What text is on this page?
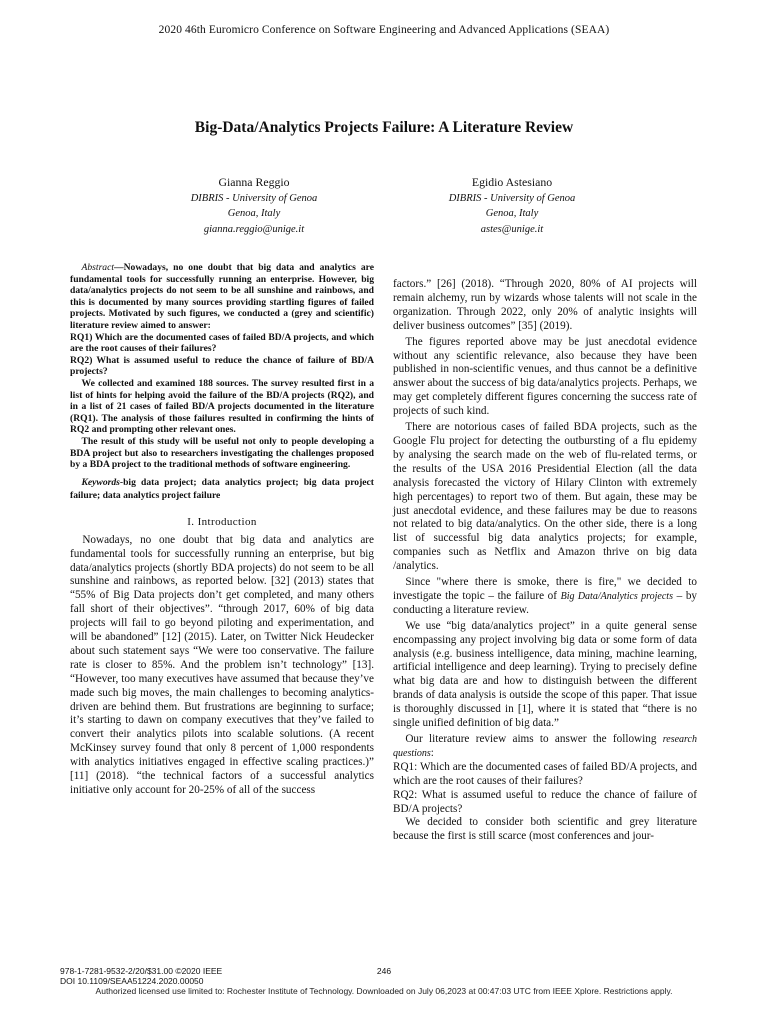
2020 46th Euromicro Conference on Software Engineering and Advanced Applications (SEAA)
Big-Data/Analytics Projects Failure: A Literature Review
Gianna Reggio
DIBRIS - University of Genoa
Genoa, Italy
gianna.reggio@unige.it
Egidio Astesiano
DIBRIS - University of Genoa
Genoa, Italy
astes@unige.it

Abstract—Nowadays, no one doubt that big data and analytics are fundamental tools for successfully running an enterprise. However, big data/analytics projects do not seem to be all sunshine and rainbows, and this is documented by many sources providing startling figures of failed projects. Motivated by such figures, we conducted a (grey and scientific) literature review aimed to answer:

RQ1) Which are the documented cases of failed BD/A projects, and which are the root causes of their failures?

RQ2) What is assumed useful to reduce the chance of failure of BD/A projects?

We collected and examined 188 sources. The survey resulted first in a list of hints for helping avoid the failure of the BD/A projects (RQ2), and in a list of 21 cases of failed BD/A projects documented in the literature (RQ1). The analysis of those failures resulted in confirming the hints of RQ2 and prompting other relevant ones.

The result of this study will be useful not only to people developing a BDA project but also to researchers investigating the challenges proposed by a BDA project to the traditional methods of software engineering.

Keywords-big data project; data analytics project; big data project failure; data analytics project failure

I. Introduction

Nowadays, no one doubt that big data and analytics are fundamental tools for successfully running an enterprise, but big data/analytics projects (shortly BDA projects) do not seem to be all sunshine and rainbows, as reported below. [32] (2013) states that “55% of Big Data projects don’t get completed, and many others fall short of their objectives”. “through 2017, 60% of big data projects will fail to go beyond piloting and experimentation, and will be abandoned” [12] (2015). Later, on Twitter Nick Heudecker about such statement says “We were too conservative. The failure rate is closer to 85%. And the problem isn’t technology” [13]. “However, too many executives have assumed that because they’ve made such big moves, the main challenges to becoming analytics-driven are behind them. But frustrations are beginning to surface; it’s starting to dawn on company executives that they’ve failed to convert their analytics pilots into scalable solutions. (A recent McKinsey survey found that only 8 percent of 1,000 respondents with analytics initiatives engaged in effective scaling practices.)” [11] (2018). “the technical factors of a successful analytics initiative only account for 20-25% of all of the success

factors.” [26] (2018). “Through 2020, 80% of AI projects will remain alchemy, run by wizards whose talents will not scale in the organization. Through 2022, only 20% of analytic insights will deliver business outcomes” [35] (2019).

The figures reported above may be just anecdotal evidence without any scientific relevance, also because they have been published in non-scientific venues, and thus cannot be a definitive answer about the success of big data/analytics projects. Perhaps, we may get completely different figures concerning the success rate of projects of such kind.

There are notorious cases of failed BDA projects, such as the Google Flu project for detecting the outbursting of a flu epidemy by analysing the search made on the web of flu-related terms, or the results of the USA 2016 Presidential Election (all the data analysis forecasted the victory of Hilary Clinton with extremely high percentages) to report two of them. But again, these may be just anecdotal evidence, and these failures may be due to reasons not related to big data/analytics. On the other side, there is a long list of successful big data analytics projects; for example, companies such as Netflix and Amazon thrive on big data /analytics.

Since "where there is smoke, there is fire," we decided to investigate the topic – the failure of Big Data/Analytics projects – by conducting a literature review.

We use “big data/analytics project” in a quite general sense encompassing any project involving big data or some form of data analysis (e.g. business intelligence, data mining, machine learning, artificial intelligence and deep learning). Trying to precisely define what big data are and how to distinguish between the different brands of data analysis is outside the scope of this paper. That issue is thoroughly discussed in [1], where it is stated that “there is no single unified definition of big data.”

Our literature review aims to answer the following research questions:

RQ1: Which are the documented cases of failed BD/A projects, and which are the root causes of their failures?

RQ2: What is assumed useful to reduce the chance of failure of BD/A projects?

We decided to consider both scientific and grey literature because the first is still scarce (most conferences and jour-

978-1-7281-9532-2/20/$31.00 ©2020 IEEE
DOI 10.1109/SEAA51224.2020.00050
246
Authorized licensed use limited to: Rochester Institute of Technology. Downloaded on July 06,2023 at 00:47:03 UTC from IEEE Xplore. Restrictions apply.
